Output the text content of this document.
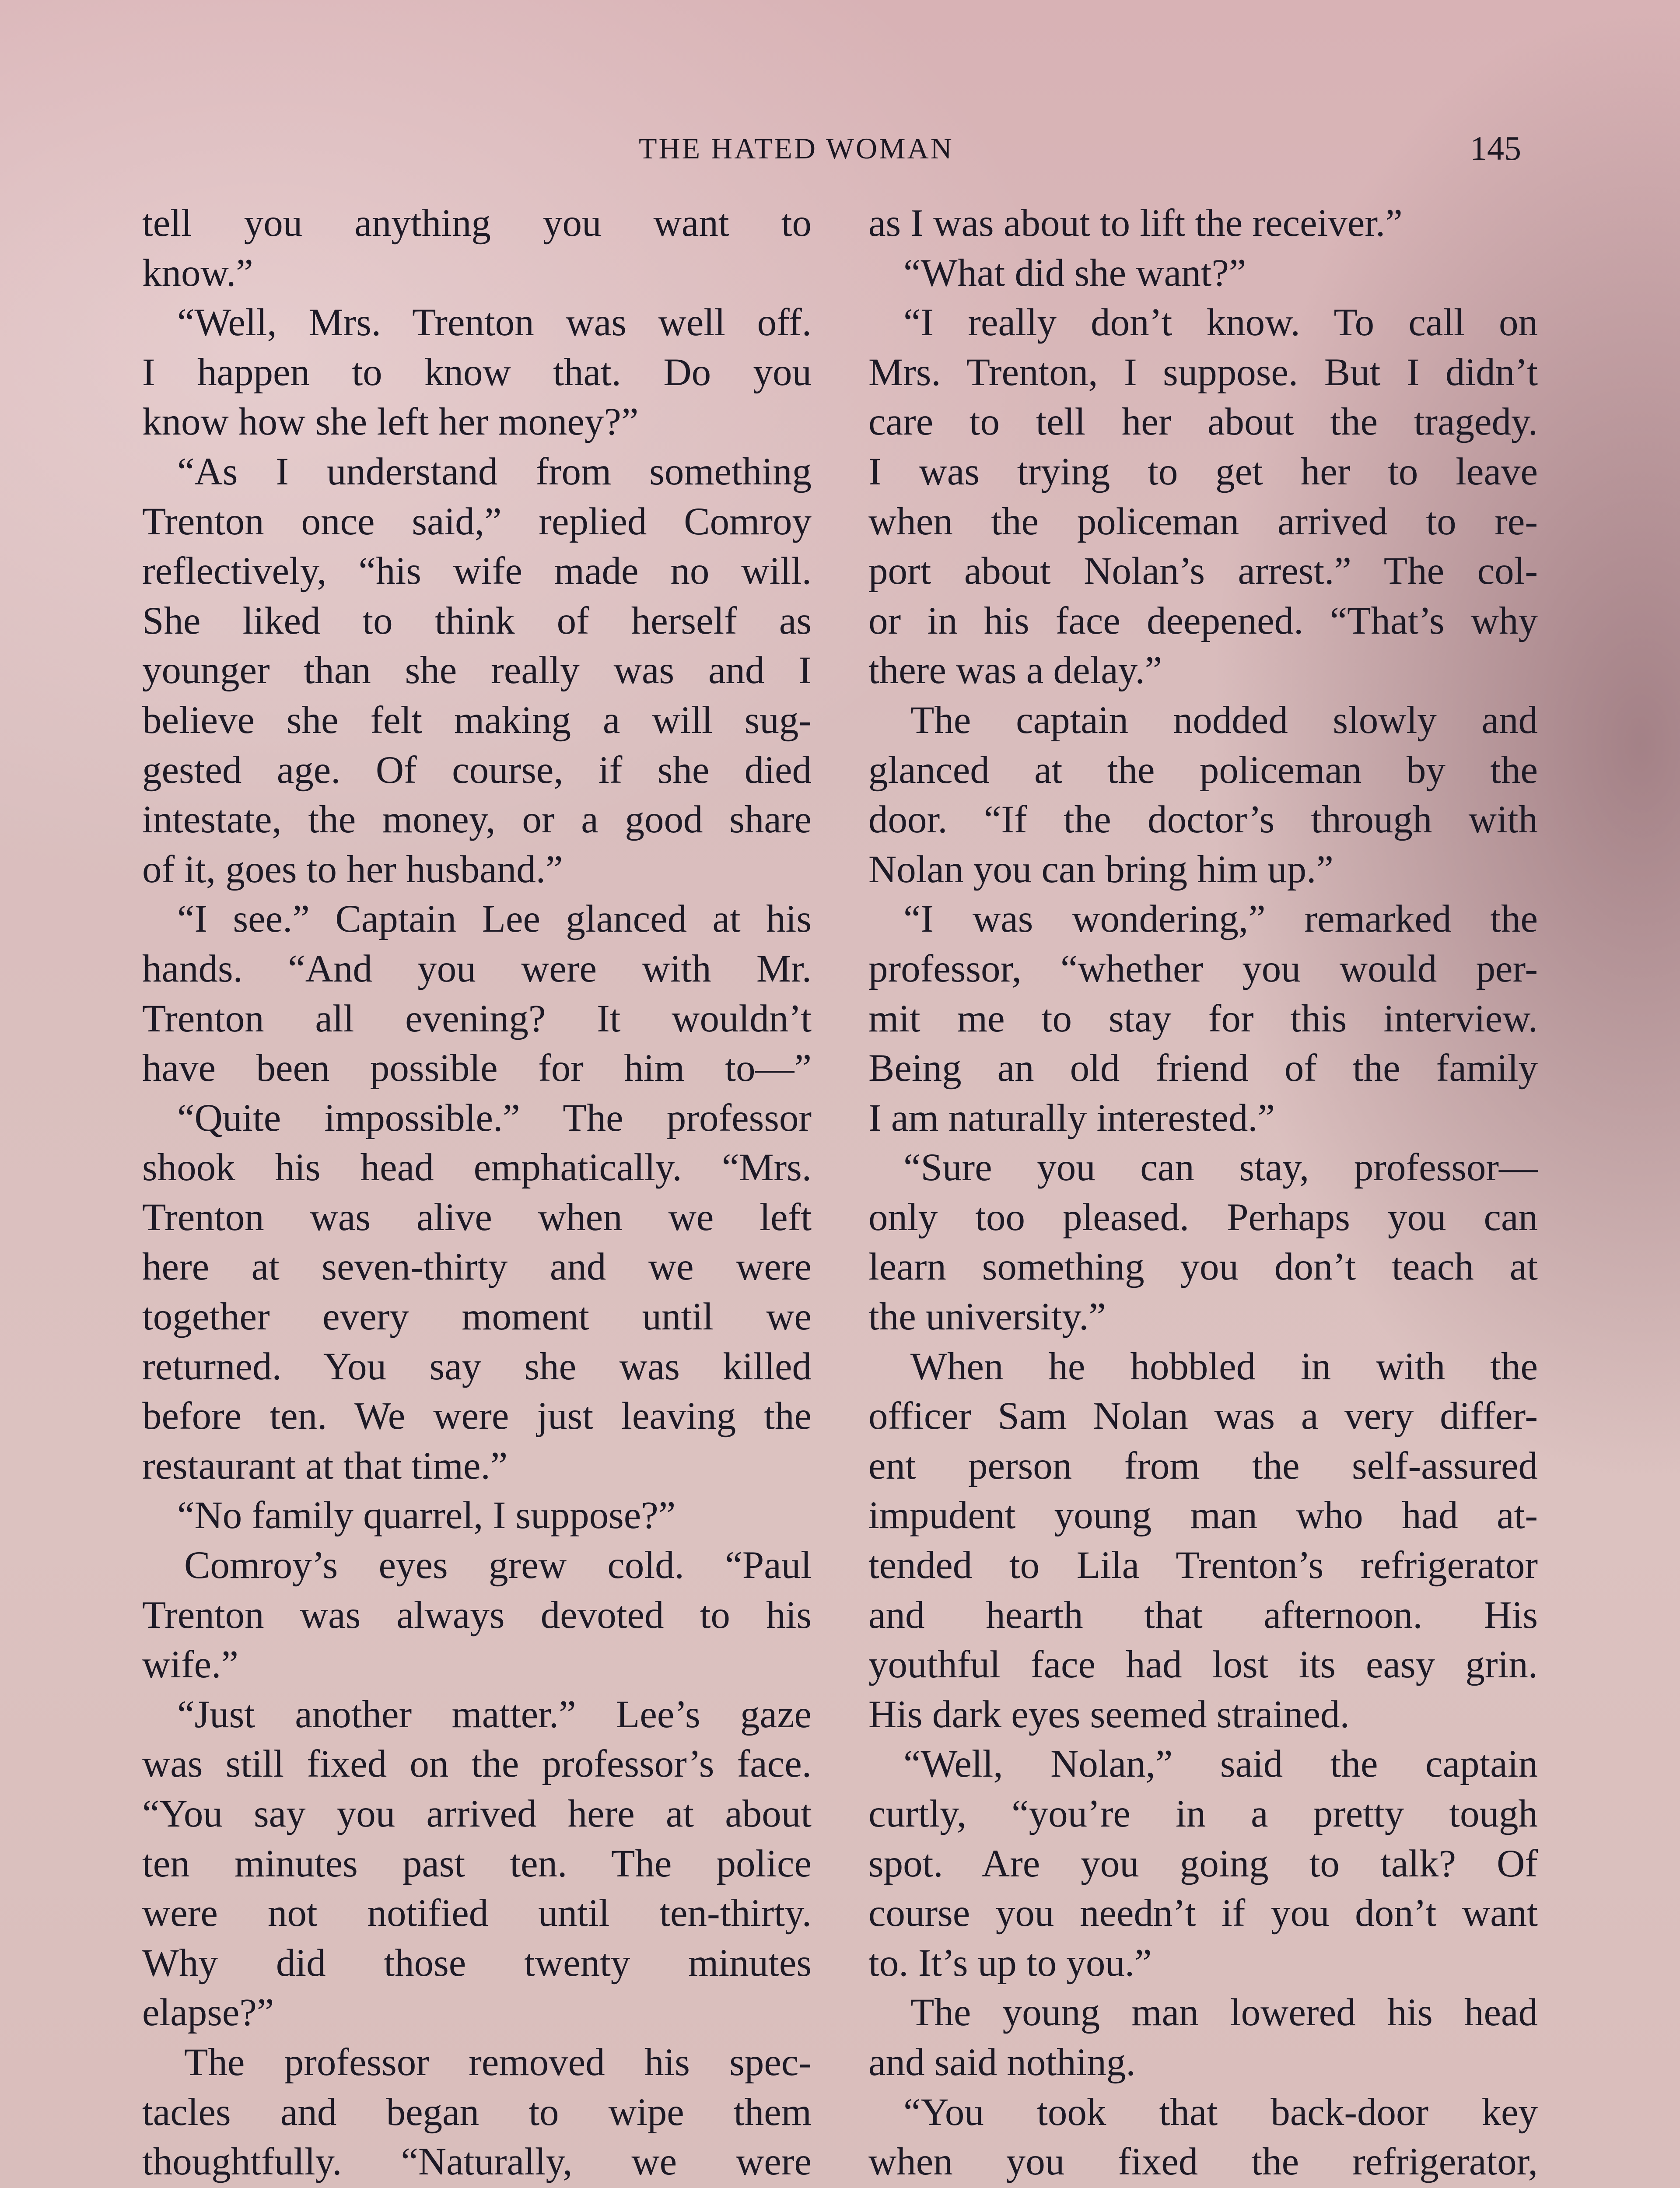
THE HATED WOMAN	145
tell you anything you want to
know.”
“Well, Mrs. Trenton was well off.
I happen to know that. Do you
know how she left her money?”
“As I understand from something
Trenton once said,” replied Comroy
reflectively, “his wife made no will.
She liked to think of herself as
younger than she really was and I
believe she felt making a will sug-
gested age. Of course, if she died
intestate, the money, or a good share
of it, goes to her husband.”
“I see.” Captain Lee glanced at his
hands. “And you were with Mr.
Trenton all evening? It wouldn’t
have been possible for him to—”
“Quite impossible.” The professor
shook his head emphatically. “Mrs.
Trenton was alive when we left
here at seven-thirty and we were
together every moment until we
returned. You say she was killed
before ten. We were just leaving the
restaurant at that time.”
“No family quarrel, I suppose?”
Comroy’s eyes grew cold. “Paul
Trenton was always devoted to his
wife.”
“Just another matter.” Lee’s gaze
was still fixed on the professor’s face.
“You say you arrived here at about
ten minutes past ten. The police
were not notified until ten-thirty.
Why did those twenty minutes
elapse?”
The professor removed his spec-
tacles and began to wipe them
thoughtfully. “Naturally, we were
as I was about to lift the receiver.”
“What did she want?”
“I really don’t know. To call on
Mrs. Trenton, I suppose. But I didn’t
care to tell her about the tragedy.
I was trying to get her to leave
when the policeman arrived to re-
port about Nolan’s arrest.” The col-
or in his face deepened. “That’s why
there was a delay.”
The captain nodded slowly and
glanced at the policeman by the
door. “If the doctor’s through with
Nolan you can bring him up.”
“I was wondering,” remarked the
professor, “whether you would per-
mit me to stay for this interview.
Being an old friend of the family
I am naturally interested.”
“Sure you can stay, professor—
only too pleased. Perhaps you can
learn something you don’t teach at
the university.”
When he hobbled in with the
officer Sam Nolan was a very differ-
ent person from the self-assured
impudent young man who had at-
tended to Lila Trenton’s refrigerator
and hearth that afternoon. His
youthful face had lost its easy grin.
His dark eyes seemed strained.
“Well, Nolan,” said the captain
curtly, “you’re in a pretty tough
spot. Are you going to talk? Of
course you needn’t if you don’t want
to. It’s up to you.”
The young man lowered his head
and said nothing.
“You took that back-door key
when you fixed the refrigerator,
